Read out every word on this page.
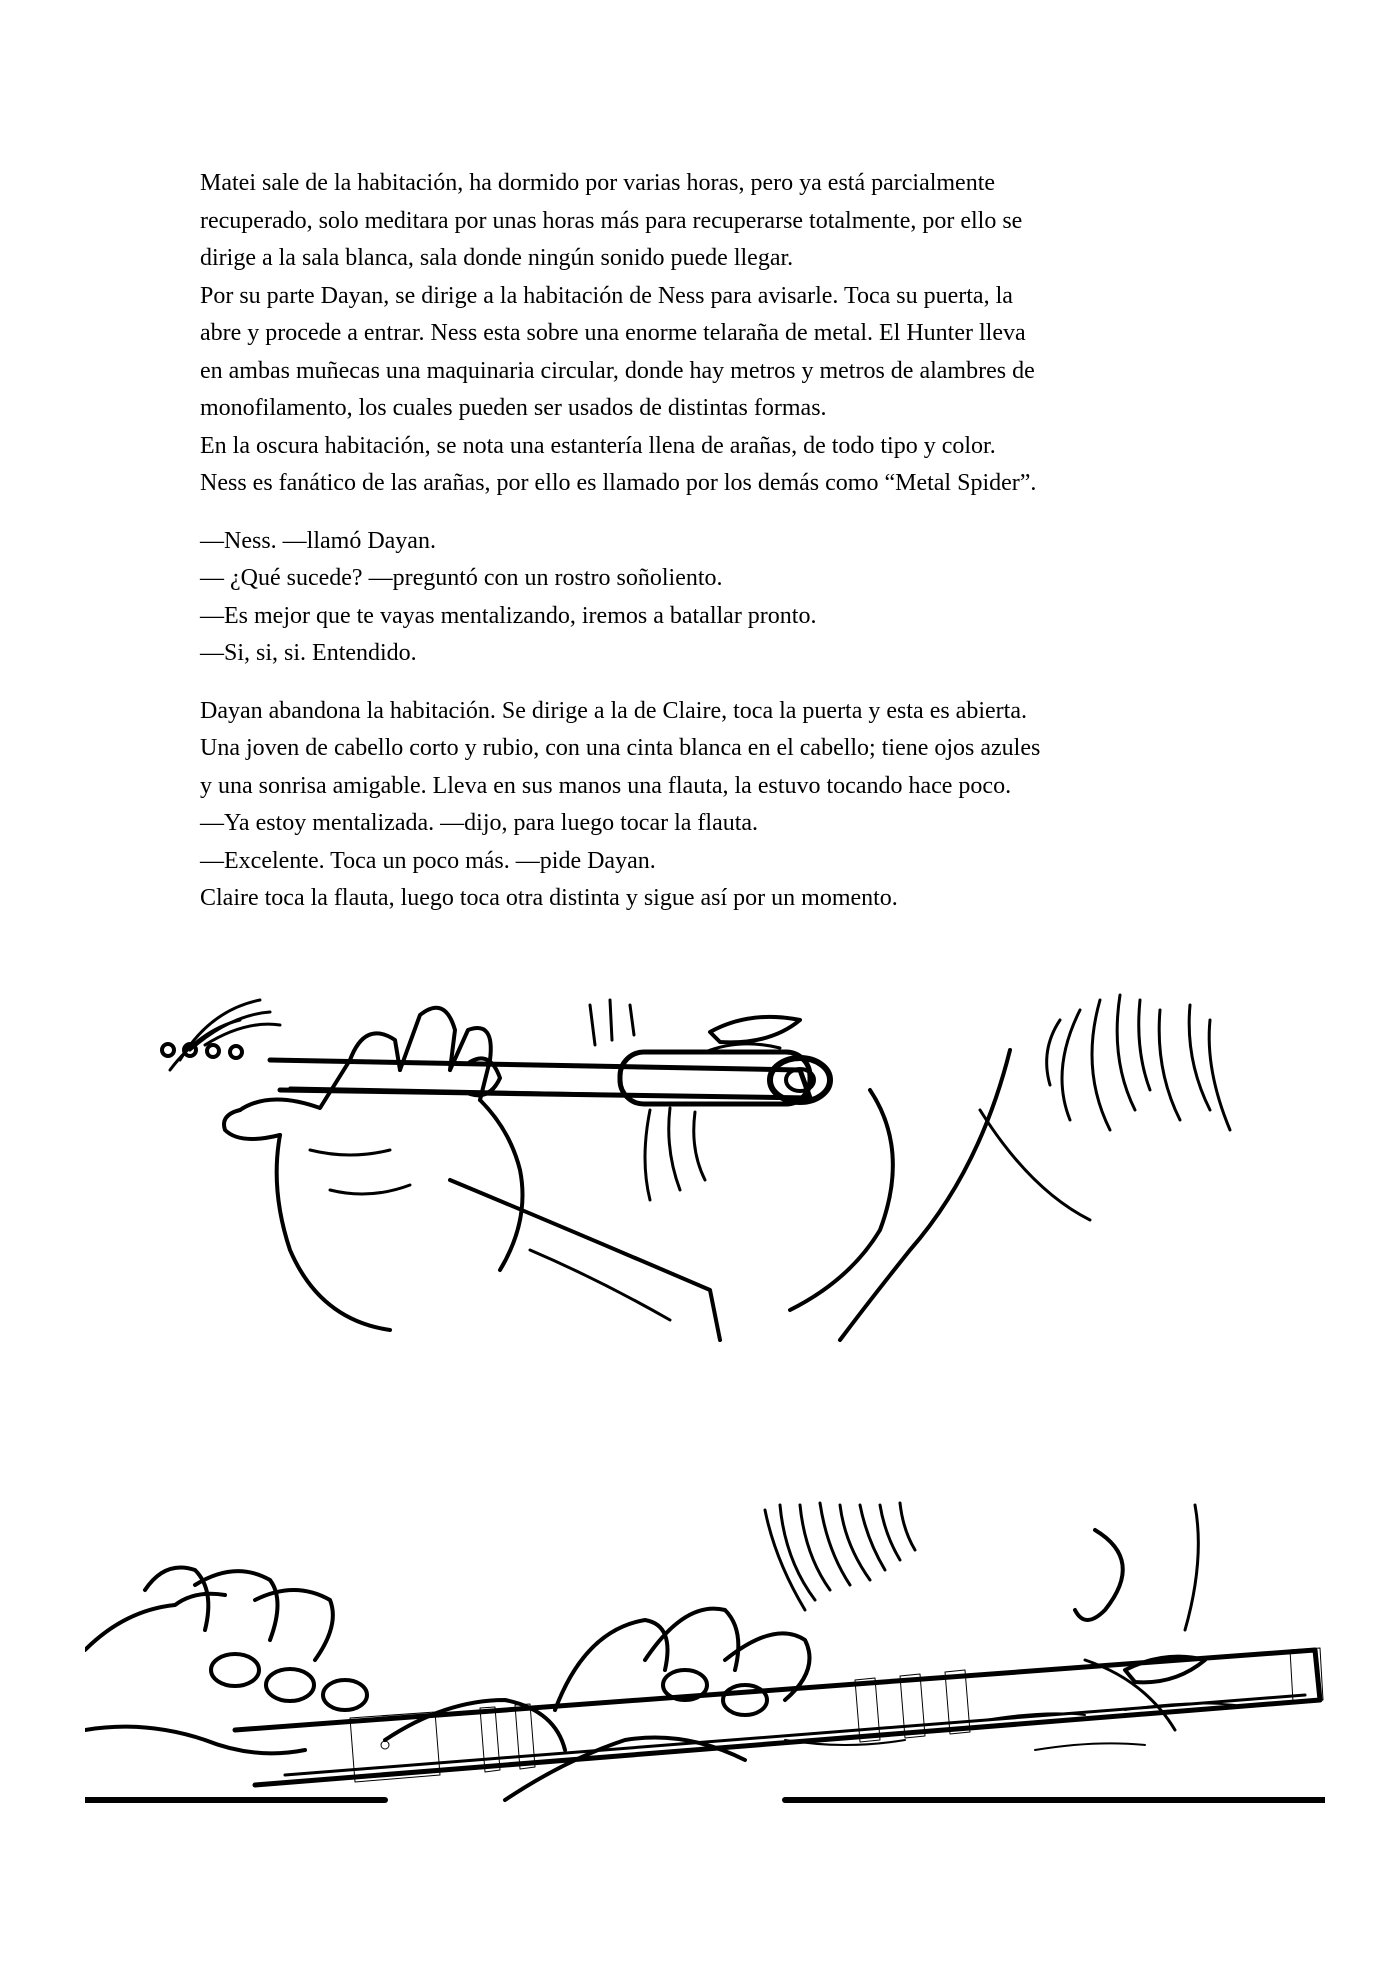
Matei sale de la habitación, ha dormido por varias horas, pero ya está parcialmente

recuperado, solo meditara por unas horas más para recuperarse totalmente, por ello se

dirige a la sala blanca, sala donde ningún sonido puede llegar.

Por su parte Dayan, se dirige a la habitación de Ness para avisarle. Toca su puerta, la

abre y procede a entrar. Ness esta sobre una enorme telaraña de metal. El Hunter lleva

en ambas muñecas una maquinaria circular, donde hay metros y metros de alambres de

monofilamento, los cuales pueden ser usados de distintas formas.

En la oscura habitación, se nota una estantería llena de arañas, de todo tipo y color.

Ness es fanático de las arañas, por ello es llamado por los demás como “Metal Spider”.

—Ness. —llamó Dayan.

— ¿Qué sucede? —preguntó con un rostro soñoliento.

—Es mejor que te vayas mentalizando, iremos a batallar pronto.

—Si, si, si. Entendido.

Dayan abandona la habitación. Se dirige a la de Claire, toca la puerta y esta es abierta.

Una joven de cabello corto y rubio, con una cinta blanca en el cabello; tiene ojos azules

y una sonrisa amigable. Lleva en sus manos una flauta, la estuvo tocando hace poco.

—Ya estoy mentalizada. —dijo, para luego tocar la flauta.

—Excelente. Toca un poco más. —pide Dayan.

Claire toca la flauta, luego toca otra distinta y sigue así por un momento.
